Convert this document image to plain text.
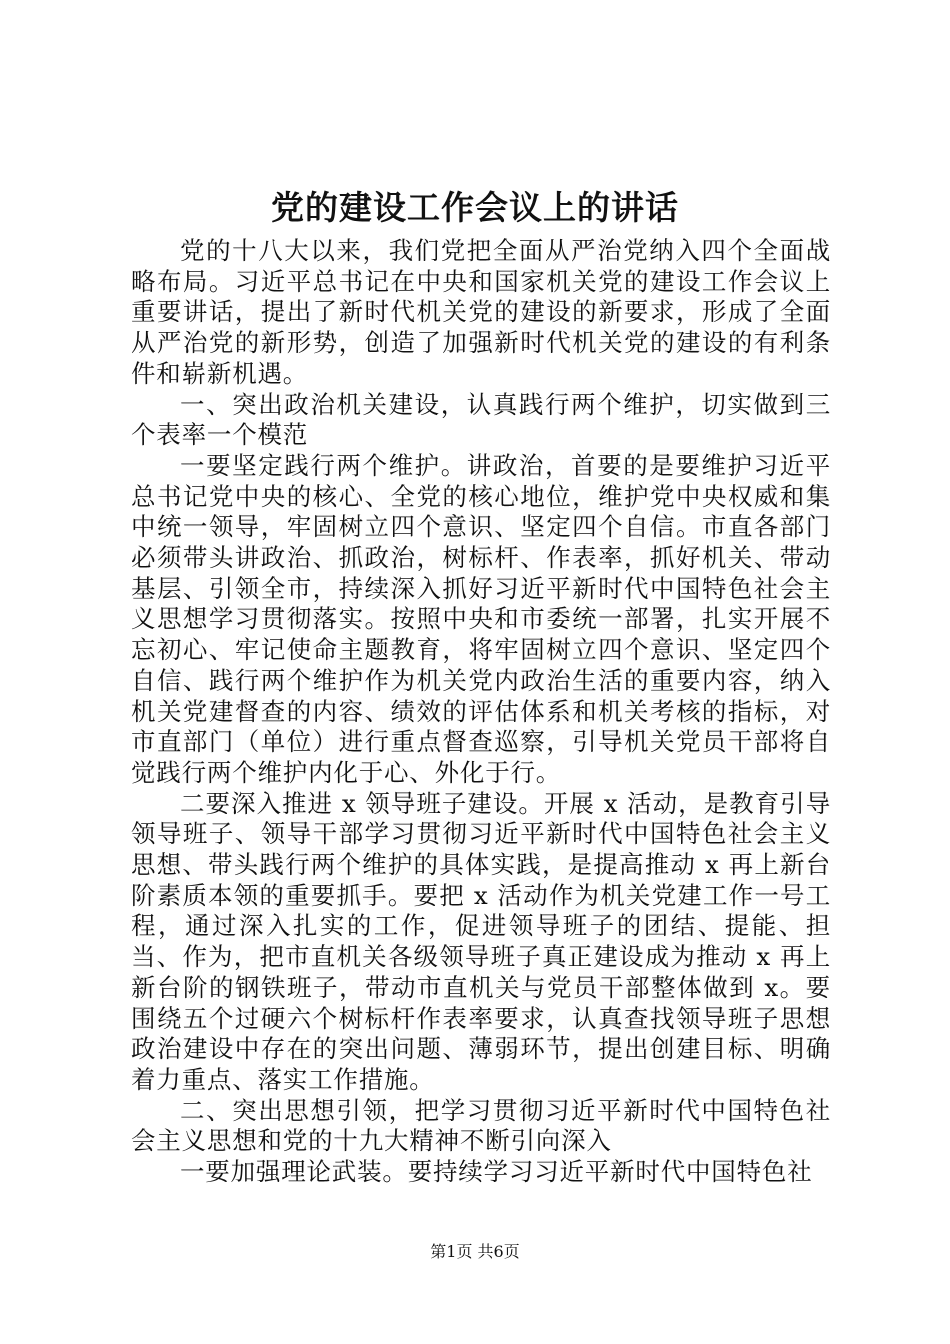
党的建设工作会议上的讲话

党的十八大以来，我们党把全面从严治党纳入四个全面战略布局。习近平总书记在中央和国家机关党的建设工作会议上重要讲话，提出了新时代机关党的建设的新要求，形成了全面从严治党的新形势，创造了加强新时代机关党的建设的有利条件和崭新机遇。

一、突出政治机关建设，认真践行两个维护，切实做到三个表率一个模范

一要坚定践行两个维护。讲政治，首要的是要维护习近平总书记党中央的核心、全党的核心地位，维护党中央权威和集中统一领导，牢固树立四个意识、坚定四个自信。市直各部门必须带头讲政治、抓政治，树标杆、作表率，抓好机关、带动基层、引领全市，持续深入抓好习近平新时代中国特色社会主义思想学习贯彻落实。按照中央和市委统一部署，扎实开展不忘初心、牢记使命主题教育，将牢固树立四个意识、坚定四个自信、践行两个维护作为机关党内政治生活的重要内容，纳入机关党建督查的内容、绩效的评估体系和机关考核的指标，对市直部门（单位）进行重点督查巡察，引导机关党员干部将自觉践行两个维护内化于心、外化于行。

二要深入推进 x 领导班子建设。开展 x 活动，是教育引导领导班子、领导干部学习贯彻习近平新时代中国特色社会主义思想、带头践行两个维护的具体实践，是提高推动 x 再上新台阶素质本领的重要抓手。要把 x 活动作为机关党建工作一号工程，通过深入扎实的工作，促进领导班子的团结、提能、担当、作为，把市直机关各级领导班子真正建设成为推动 x 再上新台阶的钢铁班子，带动市直机关与党员干部整体做到 x。要围绕五个过硬六个树标杆作表率要求，认真查找领导班子思想政治建设中存在的突出问题、薄弱环节，提出创建目标、明确着力重点、落实工作措施。

二、突出思想引领，把学习贯彻习近平新时代中国特色社会主义思想和党的十九大精神不断引向深入

一要加强理论武装。要持续学习习近平新时代中国特色社

第1页 共6页
